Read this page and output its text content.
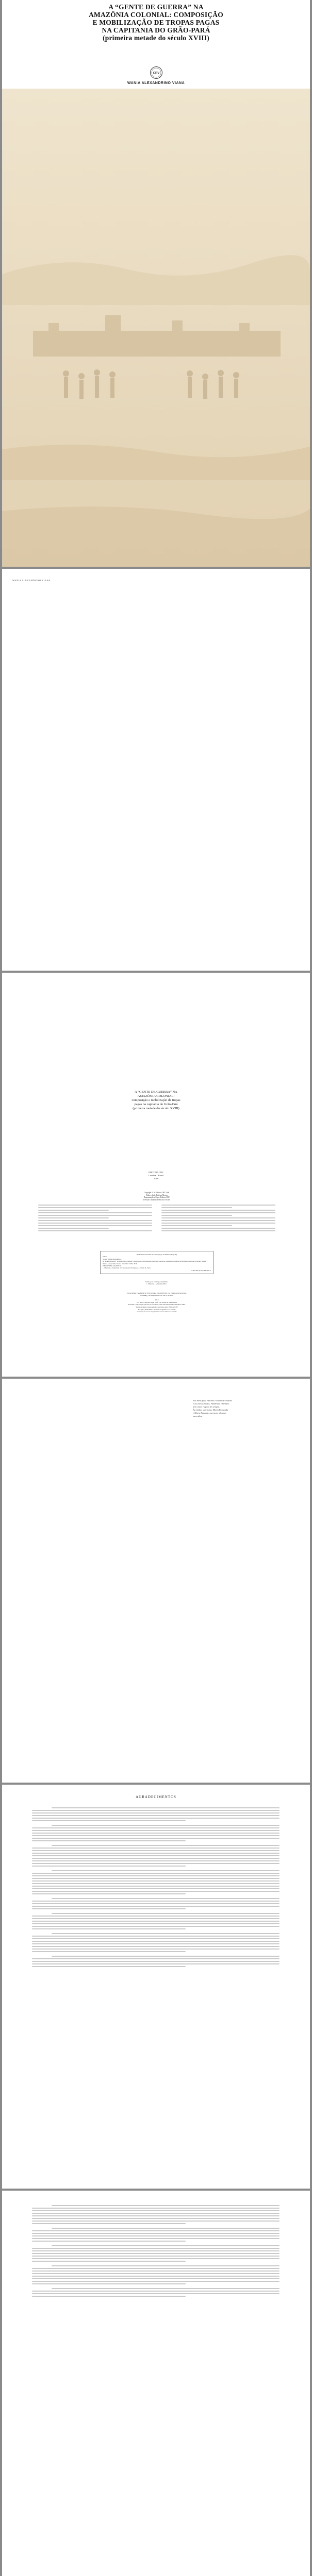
A “GENTE DE GUERRA” NA
AMAZÔNIA COLONIAL: COMPOSIÇÃO
E MOBILIZAÇÃO DE TROPAS PAGAS
NA CAPITANIA DO GRÃO-PARÁ
(primeira metade do século XVIII)
CRV
WANIA ALEXANDRINO VIANA
WANIA ALEXANDRINO VIANA
A “GENTE DE GUERRA” NA
AMAZÔNIA COLONIAL:
composição e mobilização de tropas
pagas na capitania do Grão-Pará
(primeira metade do século XVIII)
EDITORA CRV
Curitiba – Brasil
2016
Copyright © da Editora CRV Ltda.
Editor-chefe: Railson Moura
Diagramação e Capa: Editora CRV
Revisão: Analista de Escrita e Artes
Dados Internacionais de Catalogação na Publicação (CIP)
V614
Viana, Wania Alexandrino.
A “gente de guerra” na Amazônia colonial: composição e mobilização de tropas pagas na capitania do Grão-Pará (primeira metade do século XVIII) / Wania Alexandrino Viana – Curitiba : CRV, 2016.
ISBN 978-85-444-0979-9
1. História 2. Amazônia 3. Colonização Portuguesa I. Título II. Série
CDU 981 (811) CDD 981.1
Índice para catálogo sistemático
1. História – Amazônia 981.1
ESTA OBRA TAMBÉM SE ENCONTRA DISPONÍVEL EM FORMATO DIGITAL.
CONHEÇA E BAIXE NOSSO APLICATIVO!
2016
Foi feito o depósito legal conf. Lei 10.994 de 14/12/2004
Proibida a reprodução parcial ou total desta obra sem autorização da Editora CRV
Todos os direitos desta edição reservados pela: Editora CRV
Tel.: (41) 3039-6418 - E-mail: sac@editoracrv.com.br
Conheça os nossos lançamentos: www.editoracrv.com.br
Aos meus pais, Antonio e Maria de Nazaré,
e aos meus irmãos, Waldenise e Wendel,
pelo amor e apoio de sempre.
Às minhas sobrinhas, Maria Fernanda
e Maria Eduarda, que tanto alegram
meus dias.
AGRADECIMENTOS
